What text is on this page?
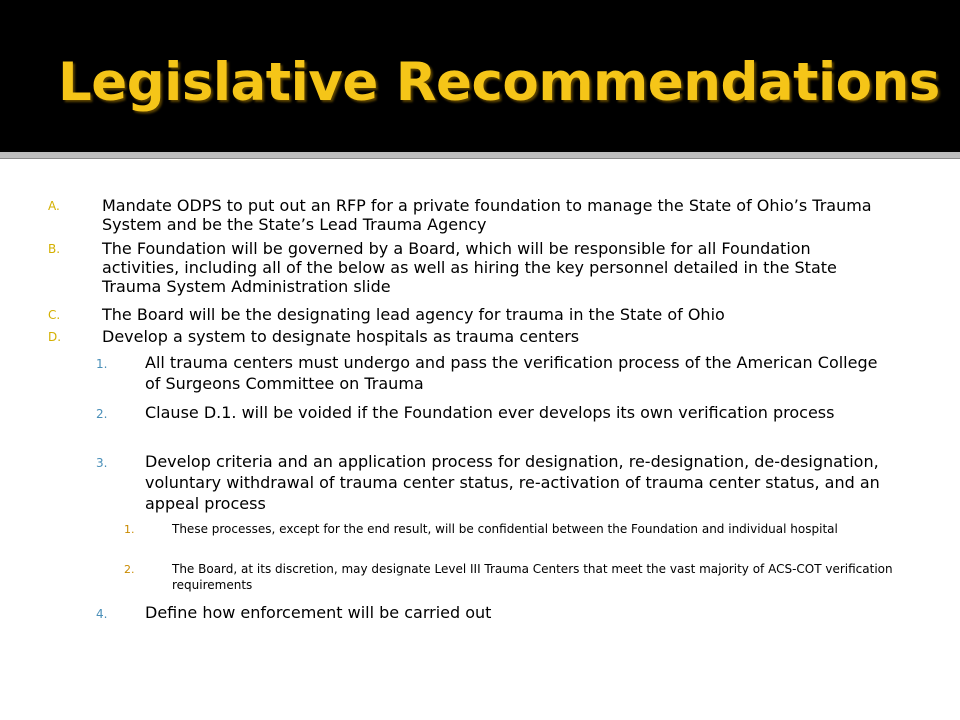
Legislative Recommendations
A.	Mandate ODPS to put out an RFP for a private foundation to manage the State of Ohio’s Trauma System and be the State’s Lead Trauma Agency
B.	The Foundation will be governed by a Board, which will be responsible for all Foundation activities, including all of the below as well as hiring the key personnel detailed in the State Trauma System Administration slide
C.	The Board will be the designating lead agency for trauma in the State of Ohio
D.	Develop a system to designate hospitals as trauma centers
1. All trauma centers must undergo and pass the verification process of the American College of Surgeons Committee on Trauma
2. Clause D.1. will be voided if the Foundation ever develops its own verification process
3. Develop criteria and an application process for designation, re-designation, de-designation, voluntary withdrawal of trauma center status, re-activation of trauma center status, and an appeal process
1.	These processes, except for the end result, will be confidential between the Foundation and individual hospital
2.	The Board, at its discretion, may designate Level III Trauma Centers that meet the vast majority of ACS-COT verification requirements
4. Define how enforcement will be carried out
